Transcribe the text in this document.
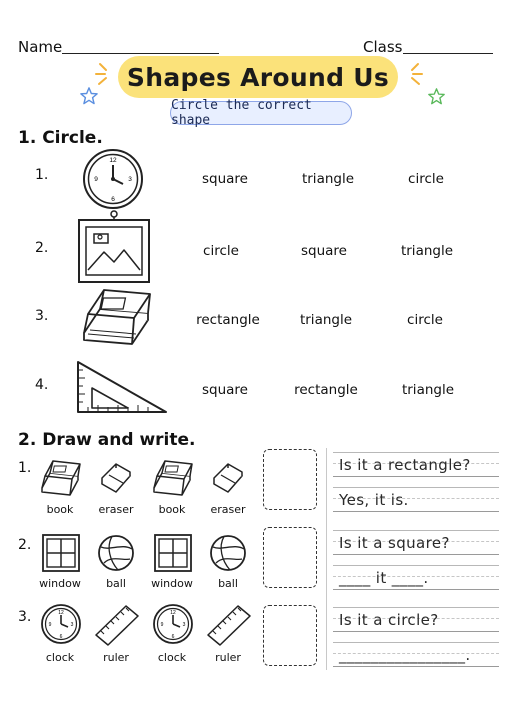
Name	Class
Shapes Around Us
Circle the correct shape
1. Circle.
1.
12
3
6
9	square	triangle	circle
2.	circle	square	triangle
3.	rectangle	triangle	circle
4.	square	rectangle	triangle
2. Draw and write.
1.
book	eraser	book	eraser
2.
window	ball	window	ball
3.	12
3
6
9
12
3
6
9
clock	ruler	clock	ruler
Is it a rectangle?
Yes, it is.
Is it a square?
____ it ____.
Is it a circle?
________________.
